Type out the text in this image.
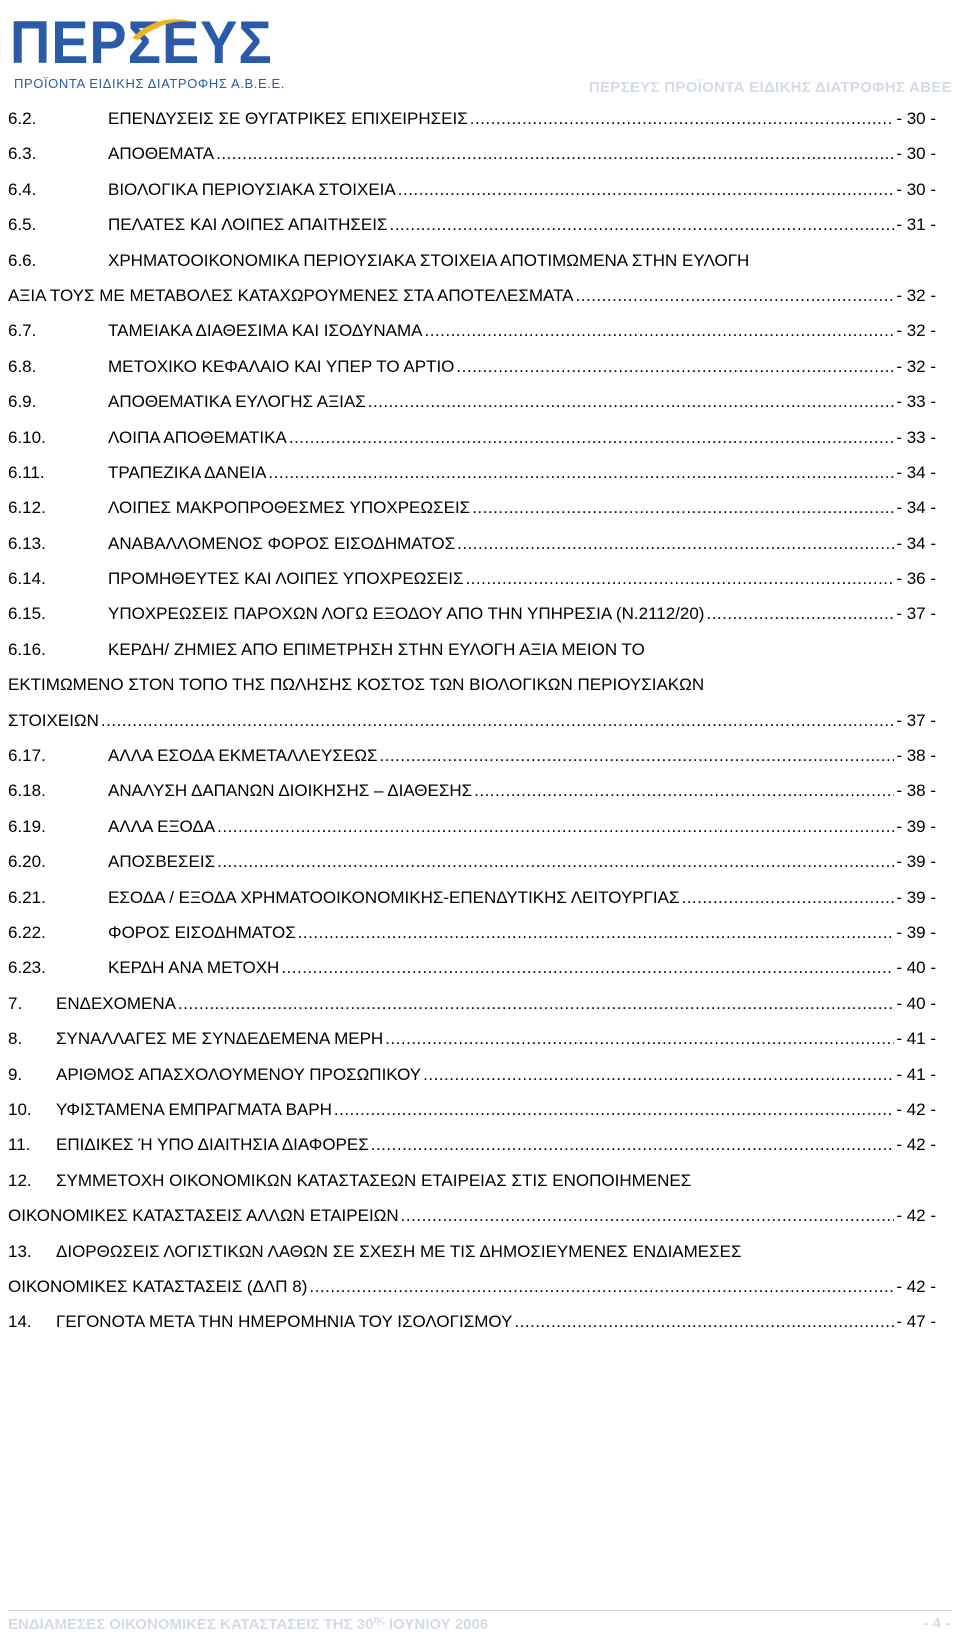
ΠΕΡΣΕΥΣ
ΠΡΟΪΟΝΤΑ ΕΙΔΙΚΗΣ ΔΙΑΤΡΟΦΗΣ Α.Β.Ε.Ε.	ΠΕΡΣΕΥΣ ΠΡΟΪΟΝΤΑ ΕΙΔΙΚΗΣ ΔΙΑΤΡΟΦΗΣ ΑΒΕΕ
6.2.	ΕΠΕΝΔΥΣΕΙΣ ΣΕ ΘΥΓΑΤΡΙΚΕΣ ΕΠΙΧΕΙΡΗΣΕΙΣ .....	- 30 -
6.3.	ΑΠΟΘΕΜΑΤΑ .....	- 30 -
6.4.	ΒΙΟΛΟΓΙΚΑ ΠΕΡΙΟΥΣΙΑΚΑ ΣΤΟΙΧΕΙΑ .....	- 30 -
6.5.	ΠΕΛΑΤΕΣ ΚΑΙ ΛΟΙΠΕΣ ΑΠΑΙΤΗΣΕΙΣ .....	- 31 -
6.6.	ΧΡΗΜΑΤΟΟΙΚΟΝΟΜΙΚΑ ΠΕΡΙΟΥΣΙΑΚΑ ΣΤΟΙΧΕΙΑ ΑΠΟΤΙΜΩΜΕΝΑ ΣΤΗΝ ΕΥΛΟΓΗ
ΑΞΙΑ ΤΟΥΣ ΜΕ ΜΕΤΑΒΟΛΕΣ ΚΑΤΑΧΩΡΟΥΜΕΝΕΣ ΣΤΑ ΑΠΟΤΕΛΕΣΜΑΤΑ .....	- 32 -
6.7.	ΤΑΜΕΙΑΚΑ ΔΙΑΘΕΣΙΜΑ ΚΑΙ ΙΣΟΔΥΝΑΜΑ .....	- 32 -
6.8.	ΜΕΤΟΧΙΚΟ ΚΕΦΑΛΑΙΟ ΚΑΙ ΥΠΕΡ ΤΟ ΑΡΤΙΟ .....	- 32 -
6.9.	ΑΠΟΘΕΜΑΤΙΚΑ ΕΥΛΟΓΗΣ ΑΞΙΑΣ .....	- 33 -
6.10.	ΛΟΙΠΑ ΑΠΟΘΕΜΑΤΙΚΑ .....	- 33 -
6.11.	ΤΡΑΠΕΖΙΚΑ ΔΑΝΕΙΑ .....	- 34 -
6.12.	ΛΟΙΠΕΣ ΜΑΚΡΟΠΡΟΘΕΣΜΕΣ ΥΠΟΧΡΕΩΣΕΙΣ .....	- 34 -
6.13.	ΑΝΑΒΑΛΛΟΜΕΝΟΣ ΦΟΡΟΣ ΕΙΣΟΔΗΜΑΤΟΣ .....	- 34 -
6.14.	ΠΡΟΜΗΘΕΥΤΕΣ ΚΑΙ ΛΟΙΠΕΣ ΥΠΟΧΡΕΩΣΕΙΣ .....	- 36 -
6.15.	ΥΠΟΧΡΕΩΣΕΙΣ ΠΑΡΟΧΩΝ ΛΟΓΩ ΕΞΟΔΟΥ ΑΠΟ ΤΗΝ ΥΠΗΡΕΣΙΑ (Ν.2112/20) .....	- 37 -
6.16.	ΚΕΡΔΗ/ ΖΗΜΙΕΣ ΑΠΟ ΕΠΙΜΕΤΡΗΣΗ ΣΤΗΝ ΕΥΛΟΓΗ ΑΞΙΑ ΜΕΙΟΝ ΤΟ
ΕΚΤΙΜΩΜΕΝΟ ΣΤΟΝ ΤΟΠΟ ΤΗΣ ΠΩΛΗΣΗΣ ΚΟΣΤΟΣ ΤΩΝ ΒΙΟΛΟΓΙΚΩΝ ΠΕΡΙΟΥΣΙΑΚΩΝ
ΣΤΟΙΧΕΙΩΝ .....	- 37 -
6.17.	ΑΛΛΑ ΕΣΟΔΑ ΕΚΜΕΤΑΛΛΕΥΣΕΩΣ .....	- 38 -
6.18.	ΑΝΑΛΥΣΗ ΔΑΠΑΝΩΝ ΔΙΟΙΚΗΣΗΣ – ΔΙΑΘΕΣΗΣ .....	- 38 -
6.19.	ΑΛΛΑ ΕΞΟΔΑ .....	- 39 -
6.20.	ΑΠΟΣΒΕΣΕΙΣ .....	- 39 -
6.21.	ΕΣΟΔΑ / ΕΞΟΔΑ ΧΡΗΜΑΤΟΟΙΚΟΝΟΜΙΚΗΣ-ΕΠΕΝΔΥΤΙΚΗΣ ΛΕΙΤΟΥΡΓΙΑΣ .....	- 39 -
6.22.	ΦΟΡΟΣ ΕΙΣΟΔΗΜΑΤΟΣ .....	- 39 -
6.23.	ΚΕΡΔΗ ΑΝΑ ΜΕΤΟΧΗ .....	- 40 -
7.	ΕΝΔΕΧΟΜΕΝΑ .....	- 40 -
8.	ΣΥΝΑΛΛΑΓΕΣ ΜΕ ΣΥΝΔΕΔΕΜΕΝΑ ΜΕΡΗ .....	- 41 -
9.	ΑΡΙΘΜΟΣ ΑΠΑΣΧΟΛΟΥΜΕΝΟΥ ΠΡΟΣΩΠΙΚΟΥ .....	- 41 -
10.	ΥΦΙΣΤΑΜΕΝΑ ΕΜΠΡΑΓΜΑΤΑ ΒΑΡΗ .....	- 42 -
11.	ΕΠΙΔΙΚΕΣ Ή ΥΠΟ ΔΙΑΙΤΗΣΙΑ ΔΙΑΦΟΡΕΣ .....	- 42 -
12.	ΣΥΜΜΕΤΟΧΗ ΟΙΚΟΝΟΜΙΚΩΝ ΚΑΤΑΣΤΑΣΕΩΝ ΕΤΑΙΡΕΙΑΣ ΣΤΙΣ ΕΝΟΠΟΙΗΜΕΝΕΣ
ΟΙΚΟΝΟΜΙΚΕΣ ΚΑΤΑΣΤΑΣΕΙΣ ΑΛΛΩΝ ΕΤΑΙΡΕΙΩΝ .....	- 42 -
13.	ΔΙΟΡΘΩΣΕΙΣ ΛΟΓΙΣΤΙΚΩΝ ΛΑΘΩΝ ΣΕ ΣΧΕΣΗ ΜΕ ΤΙΣ ΔΗΜΟΣΙΕΥΜΕΝΕΣ ΕΝΔΙΑΜΕΣΕΣ
ΟΙΚΟΝΟΜΙΚΕΣ ΚΑΤΑΣΤΑΣΕΙΣ (ΔΛΠ 8) .....	- 42 -
14.	ΓΕΓΟΝΟΤΑ ΜΕΤΑ ΤΗΝ ΗΜΕΡΟΜΗΝΙΑ ΤΟΥ ΙΣΟΛΟΓΙΣΜΟΥ .....	- 47 -
ΕΝΔΙΑΜΕΣΕΣ ΟΙΚΟΝΟΜΙΚΕΣ ΚΑΤΑΣΤΑΣΕΙΣ ΤΗΣ $30^{\eta\varsigma}$ ΙΟΥΝΙΟΥ 2006	- 4 -
